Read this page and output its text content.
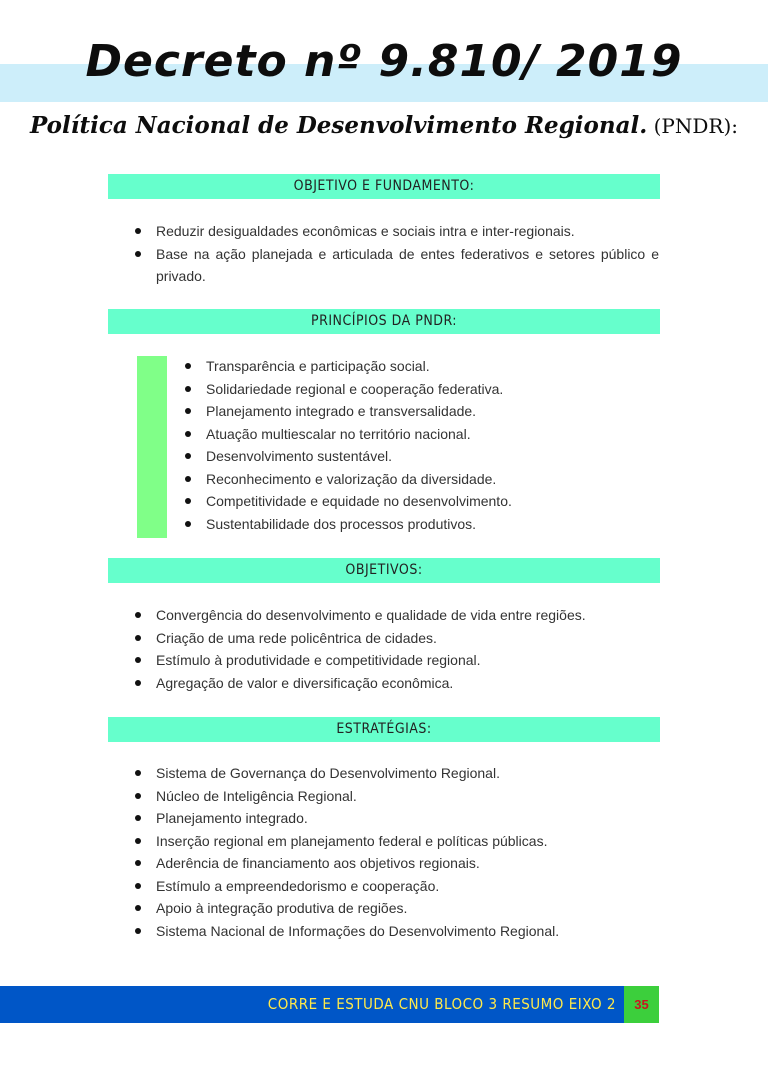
Decreto nº 9.810/ 2019
Política Nacional de Desenvolvimento Regional. (PNDR):
OBJETIVO E FUNDAMENTO:
Reduzir desigualdades econômicas e sociais intra e inter-regionais.
Base na ação planejada e articulada de entes federativos e setores público e privado.
PRINCÍPIOS DA PNDR:
Transparência e participação social.
Solidariedade regional e cooperação federativa.
Planejamento integrado e transversalidade.
Atuação multiescalar no território nacional.
Desenvolvimento sustentável.
Reconhecimento e valorização da diversidade.
Competitividade e equidade no desenvolvimento.
Sustentabilidade dos processos produtivos.
OBJETIVOS:
Convergência do desenvolvimento e qualidade de vida entre regiões.
Criação de uma rede policêntrica de cidades.
Estímulo à produtividade e competitividade regional.
Agregação de valor e diversificação econômica.
ESTRATÉGIAS:
Sistema de Governança do Desenvolvimento Regional.
Núcleo de Inteligência Regional.
Planejamento integrado.
Inserção regional em planejamento federal e políticas públicas.
Aderência de financiamento aos objetivos regionais.
Estímulo a empreendedorismo e cooperação.
Apoio à integração produtiva de regiões.
Sistema Nacional de Informações do Desenvolvimento Regional.
CORRE E ESTUDA CNU BLOCO 3 RESUMO EIXO 2	35
